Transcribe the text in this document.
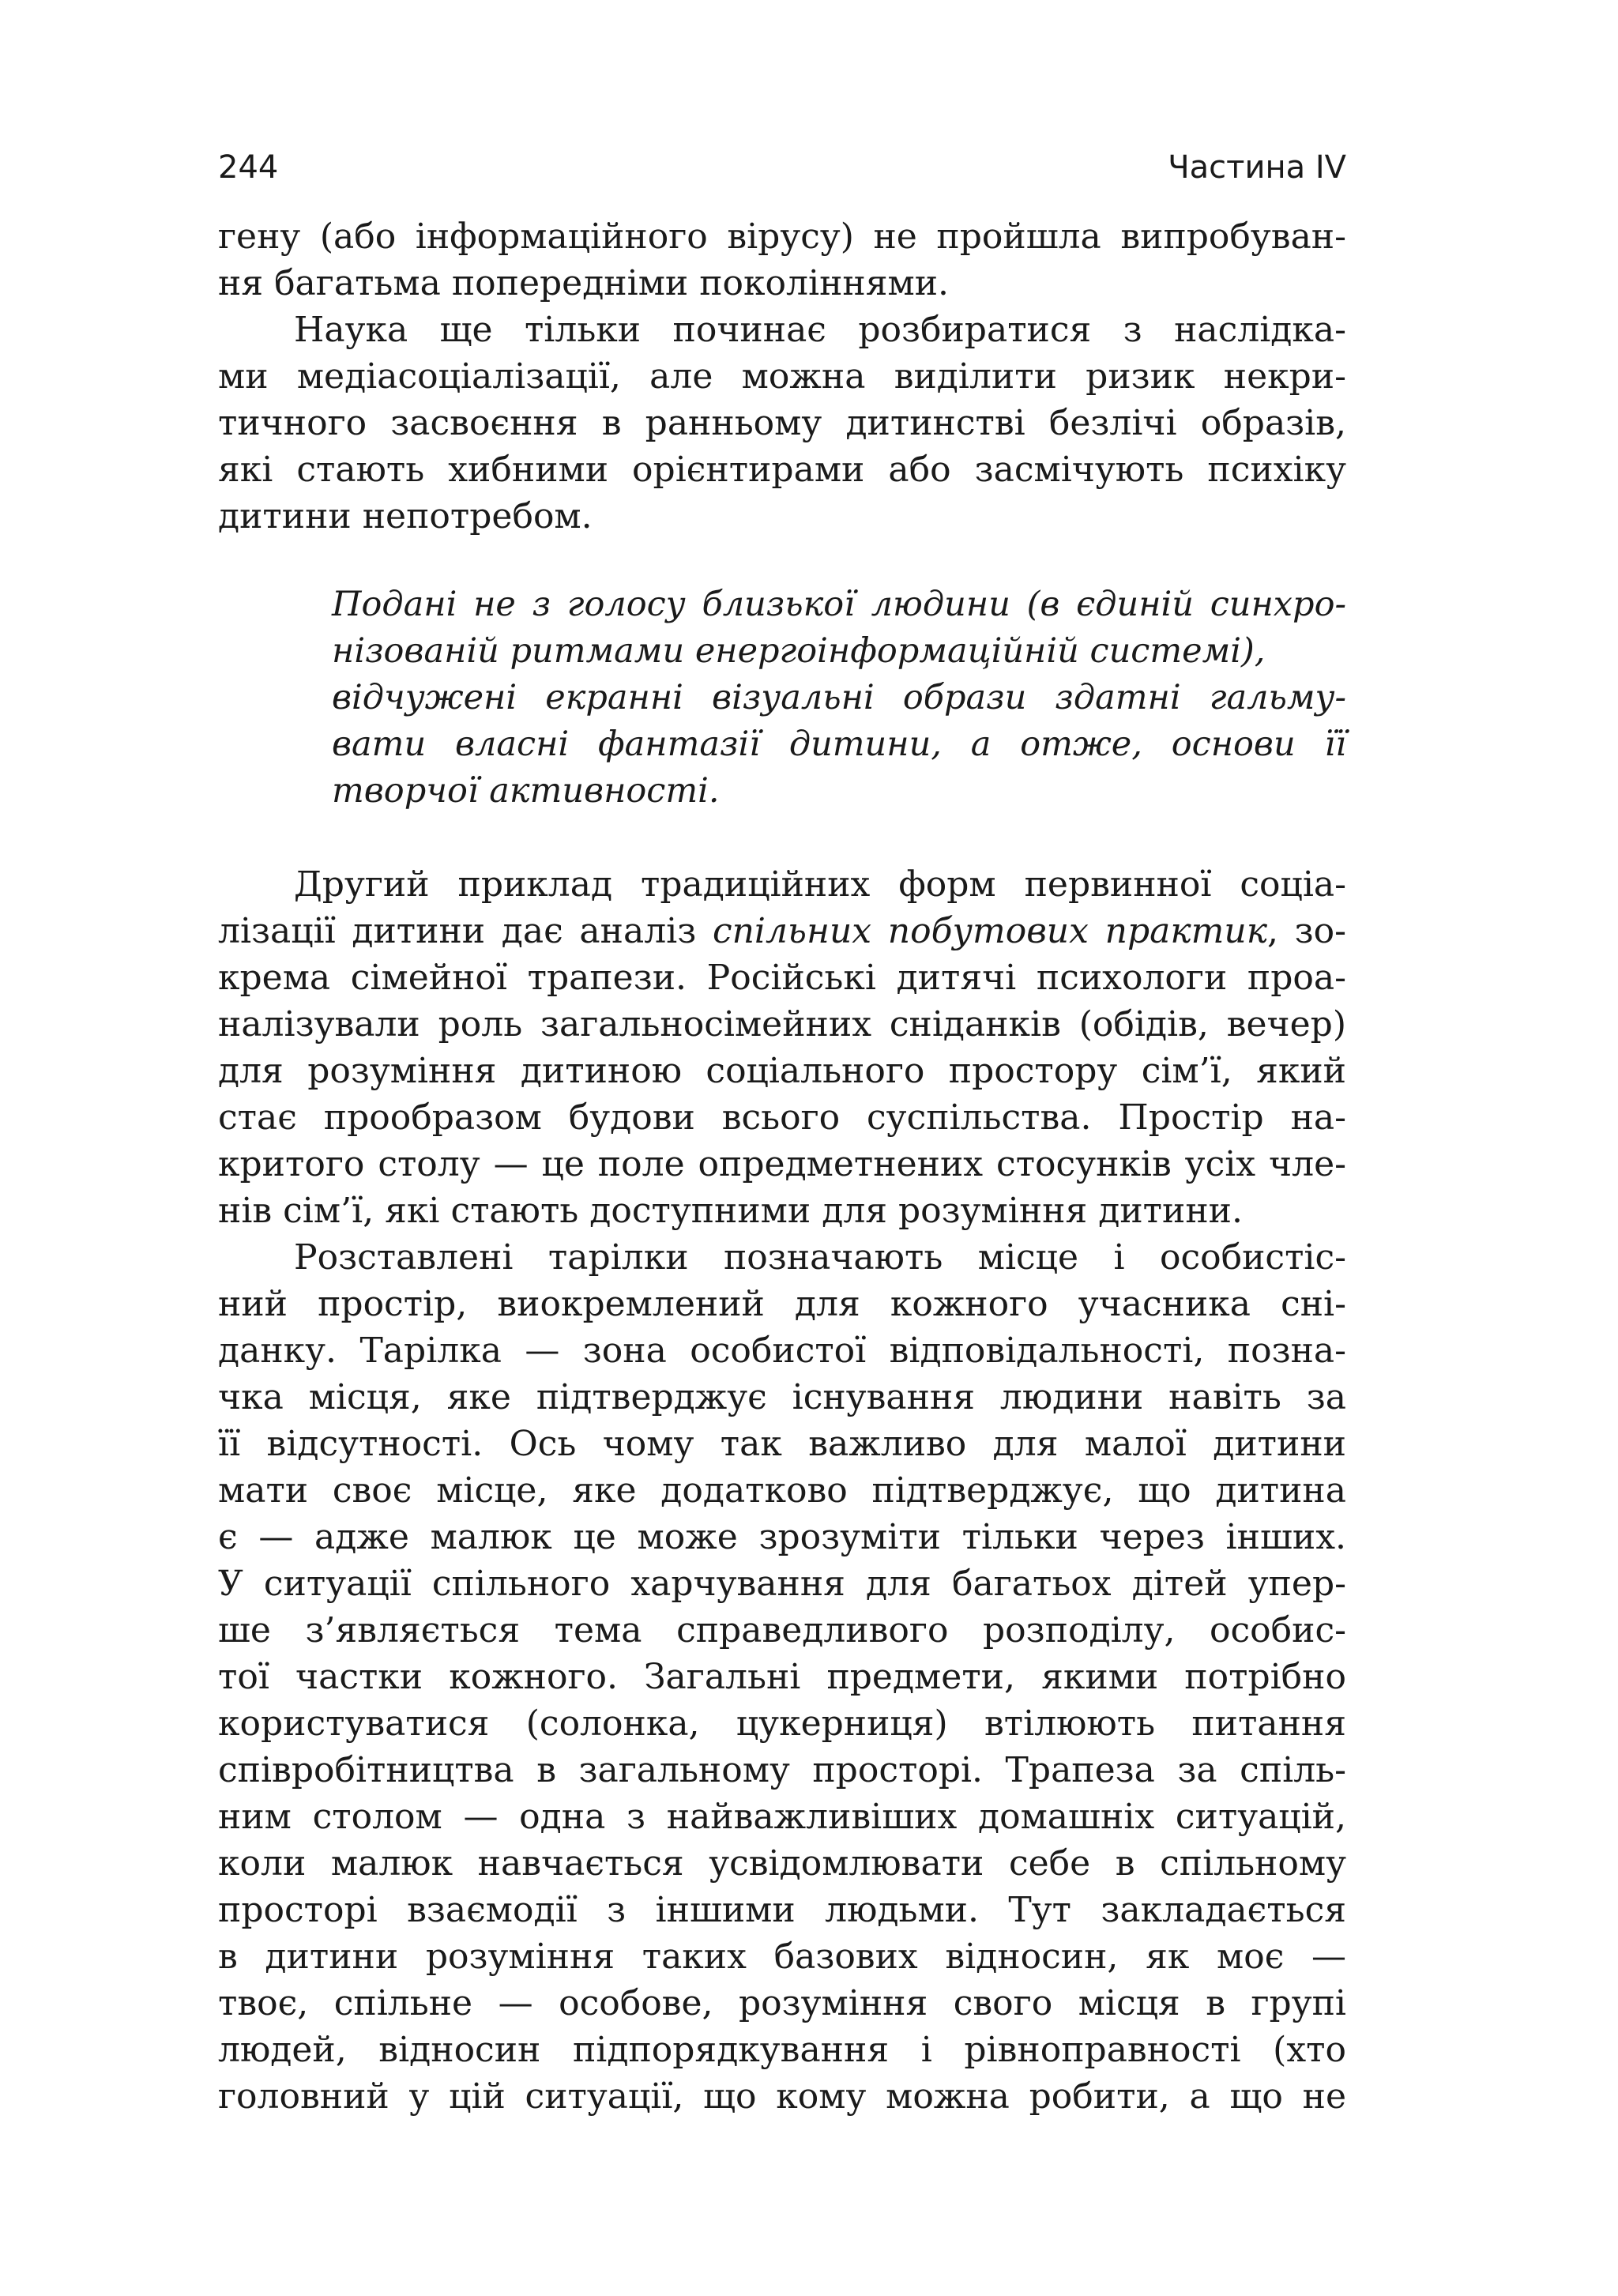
244	Частина IV
гену (або інформаційного вірусу) не пройшла випробуван-
ня багатьма попередніми поколіннями.
Наука ще тільки починає розбиратися з наслідка-
ми медіасоціалізації, але можна виділити ризик некри-
тичного засвоєння в ранньому дитинстві безлічі образів,
які стають хибними орієнтирами або засмічують психіку
дитини непотребом.
Подані не з голосу близької людини (в єдиній синхро-
нізованій ритмами енергоінформаційній системі),
відчужені екранні візуальні образи здатні гальму-
вати власні фантазії дитини, а отже, основи її
творчої активності.
Другий приклад традиційних форм первинної соціа-
лізації дитини дає аналіз спільних побутових практик, зо-
крема сімейної трапези. Російські дитячі психологи проа-
налізували роль загальносімейних сніданків (обідів, вечер)
для розуміння дитиною соціального простору сім’ї, який
стає прообразом будови всього суспільства. Простір на-
критого столу — це поле опредметнених стосунків усіх чле-
нів сім’ї, які стають доступними для розуміння дитини.
Розставлені тарілки позначають місце і особистіс-
ний простір, виокремлений для кожного учасника сні-
данку. Тарілка — зона особистої відповідальності, позна-
чка місця, яке підтверджує існування людини навіть за
її відсутності. Ось чому так важливо для малої дитини
мати своє місце, яке додатково підтверджує, що дитина
є — адже малюк це може зрозуміти тільки через інших.
У ситуації спільного харчування для багатьох дітей упер-
ше з’являється тема справедливого розподілу, особис-
тої частки кожного. Загальні предмети, якими потрібно
користуватися (солонка, цукерниця) втілюють питання
співробітництва в загальному просторі. Трапеза за спіль-
ним столом — одна з найважливіших домашніх ситуацій,
коли малюк навчається усвідомлювати себе в спільному
просторі взаємодії з іншими людьми. Тут закладається
в дитини розуміння таких базових відносин, як моє —
твоє, спільне — особове, розуміння свого місця в групі
людей, відносин підпорядкування і рівноправності (хто
головний у цій ситуації, що кому можна робити, а що не
